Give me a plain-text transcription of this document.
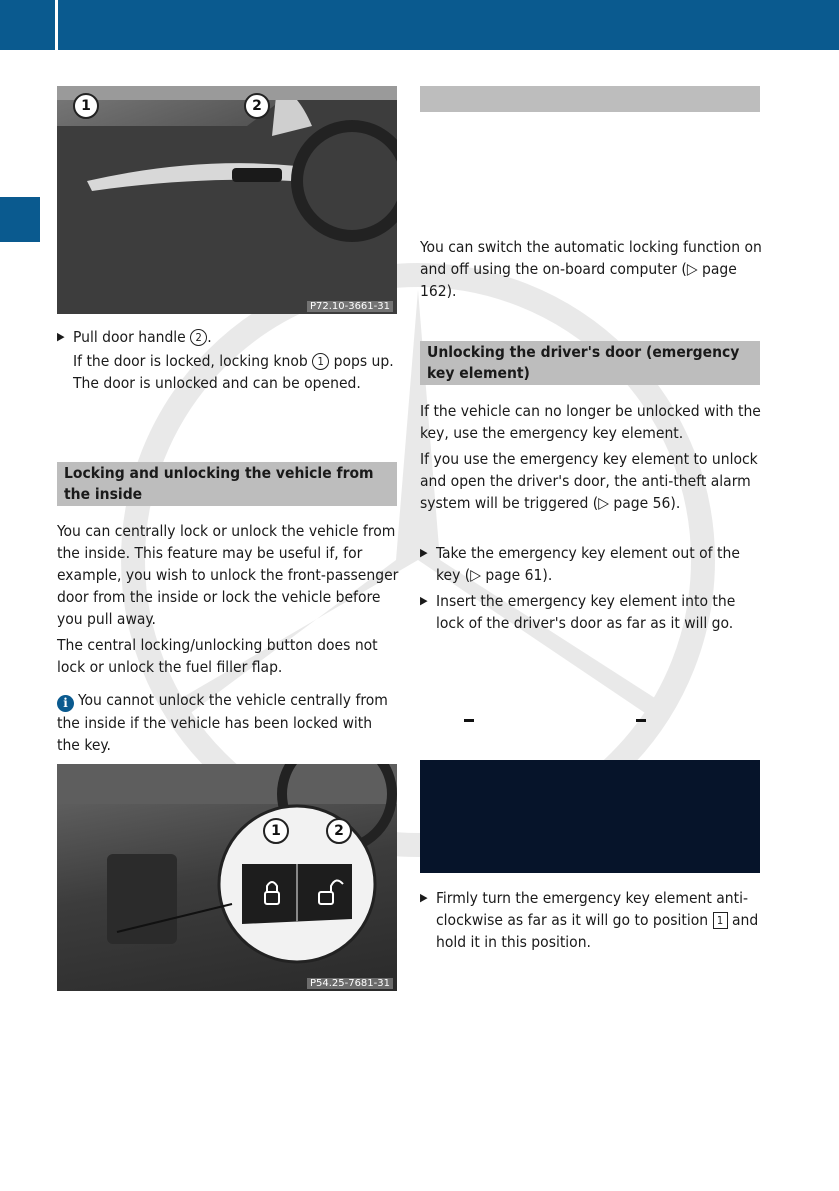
1	2
P72.10-3661-31
▶ Pull door handle 2 .
If the door is locked, locking knob 1 pops up. The door is unlocked and can be opened.
Locking and unlocking the vehicle from the inside

You can centrally lock or unlock the vehicle from the inside. This feature may be useful if, for example, you wish to unlock the front-passenger door from the inside or lock the vehicle before you pull away.

The central locking/unlocking button does not lock or unlock the fuel filler flap.

i You cannot unlock the vehicle centrally from the inside if the vehicle has been locked with the key.
1	2
P54.25-7681-31

You can switch the automatic locking function on and off using the on-board computer (▷ page 162).

Unlocking the driver's door (emergency key element)

If the vehicle can no longer be unlocked with the key, use the emergency key element.

If you use the emergency key element to unlock and open the driver's door, the anti-theft alarm system will be triggered (▷ page 56).

▶ Take the emergency key element out of the key (▷ page 61).
▶ Insert the emergency key element into the lock of the driver's door as far as it will go.
▶ Firmly turn the emergency key element anti-clockwise as far as it will go to position 1 and hold it in this position.
